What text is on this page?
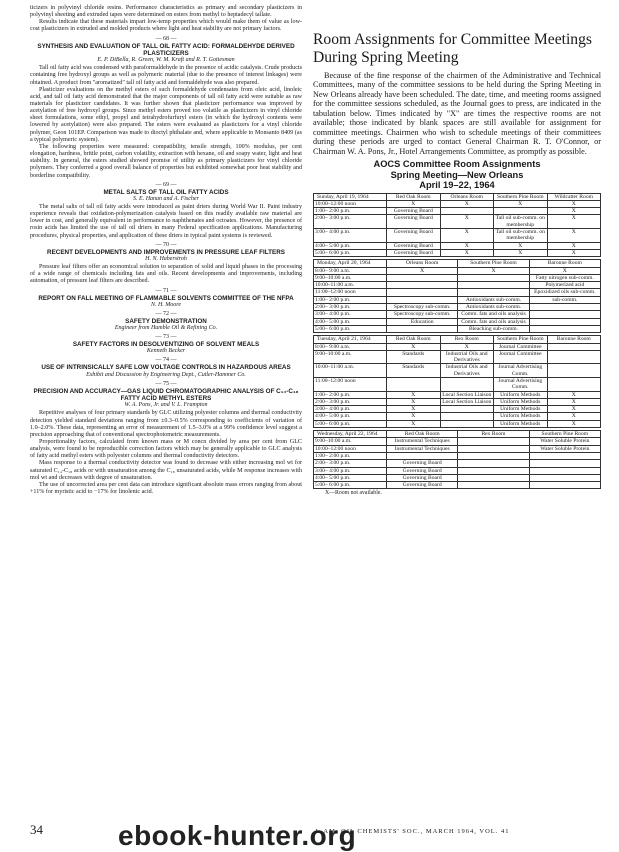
ticizers in polyvinyl chloride resins. Performance characteristics as primary and secondary plasticizers in polyvinyl sheeting and extruded tapes were determined on esters from methyl to heptadecyl tallate.

Results indicate that these materials impart low-temp properties which would make them of value as low-cost plasticizers in extruded and molded products where light and heat stability are not primary factors.

— 68 —
SYNTHESIS AND EVALUATION OF TALL OIL FATTY ACID: FORMALDEHYDE DERIVED PLASTICIZERS
E. P. DiBella, R. Green, W. M. Kraft and R. T. Gottesman

Tall oil fatty acid was condensed with paraformaldehyde in the presence of acidic catalysts. Crude products containing free hydroxyl groups as well as polymeric material (due to the presence of interest linkages) were obtained. A product from "aromatized" tall oil fatty acid and formaldehyde was also prepared.

Plasticizer evaluations on the methyl esters of such formaldehyde condensates from oleic acid, linoleic acid, and tall oil fatty acid demonstrated that the major components of tall oil fatty acid were suitable as raw materials for plasticizer candidates. It was further shown that plasticizer performance was improved by acetylation of free hydroxyl groups. Since methyl esters proved too volatile as plasticizers in vinyl chloride sheet formulations, some ethyl, propyl and tetrahydrofurfuryl esters (in which the hydroxyl contents were lowered by acetylation) were also prepared. The esters were evaluated as plasticizers for a vinyl chloride polymer, Geon 101EP. Comparison was made to dioctyl phthalate and, where applicable to Monsanto 8409 (as a typical polymeric system).

The following properties were measured: compatibility, tensile strength, 100% modulus, per cent elongation, hardness, brittle point, carbon volatility, extraction with hexane, oil and soapy water, light and heat stability. In general, the esters studied showed promise of utility as primary plasticizers for vinyl chloride polymers. They conferred a good overall balance of properties but exhibited somewhat poor heat stability and borderline compatibility.

— 69 —
METAL SALTS OF TALL OIL FATTY ACIDS
S. E. Hanan and A. Fischer

The metal salts of tall oil fatty acids were introduced as paint driers during World War II. Paint industry experience reveals that oxidation-polymerization catalysts based on this readily available raw material are lower in cost, and generally equivalent in performance to naphthenates and octoates. However, the presence of rosin acids has limited the use of tall oil driers in many Federal specification applications. Manufacturing procedures, physical properties, and application of these driers in typical paint systems is reviewed.

— 70 —
RECENT DEVELOPMENTS AND IMPROVEMENTS IN PRESSURE LEAF FILTERS
H. N. Haberstroh

Pressure leaf filters offer an economical solution to separation of solid and liquid phases in the processing of a wide range of chemicals including fats and oils. Recent developments and improvements, including automation, of pressure leaf filters are described.

— 71 —
REPORT ON FALL MEETING OF FLAMMABLE SOLVENTS COMMITTEE OF THE NFPA
N. H. Moore
— 72 —
SAFETY DEMONSTRATION
Engineer from Humble Oil & Refining Co.
— 73 —
SAFETY FACTORS IN DESOLVENTIZING OF SOLVENT MEALS
Kenneth Becker
— 74 —
USE OF INTRINSICALLY SAFE LOW VOLTAGE CONTROLS IN HAZARDOUS AREAS
Exhibit and Discussion by Engineering Dept., Cutler-Hammer Co.
— 75 —
PRECISION AND ACCURACY—GAS LIQUID CHROMATOGRAPHIC ANALYSIS OF C₁₄-C₁₈ FATTY ACID METHYL ESTERS
W. A. Pons, Jr. and V. L. Frampton

Repetitive analyses of four primary standards by GLC utilizing polyester columns and thermal conductivity detection yielded standard deviations ranging from ±0.3–0.5% corresponding to coefficients of variation of 1.0–2.0%. These data, representing an error of measurement of 1.5–3.0% at a 99% confidence level suggest a precision approaching that of conventional spectrophotometric measurements.

Proportionality factors, calculated from known mass or M concn divided by area per cent from GLC analysis, were found to be reproducible correction factors which may be generally applicable to GLC analysis of fatty acid methyl esters with polyester columns and thermal conductivity detectors.

Mass response to a thermal conductivity detector was found to decrease with either increasing mol wt for saturated C₁₄-C₁₈ acids or with unsaturation among the C₁₈ unsaturated acids, while M response increases with mol wt and decreases with degree of unsaturation.

The use of uncorrected area per cent data can introduce significant absolute mass errors ranging from about +11% for myristic acid to −17% for linolenic acid.

Room Assignments for Committee Meetings During Spring Meeting

Because of the fine response of the chairmen of the Administrative and Technical Committees, many of the committee sessions to be held during the Spring Meeting in New Orleans already have been scheduled. The date, time, and meeting rooms assigned for the committee sessions scheduled, as the Journal goes to press, are indicated in the tabulation below. Times indicated by "X" are times the respective rooms are not available; those indicated by blank spaces are still available for assignment for committee meetings. Chairmen who wish to schedule meetings of their committees during these periods are urged to contact General Chairman R. T. O'Connor, or Chairman W. A. Pons, Jr., Hotel Arrangements Committee, as promptly as possible.

AOCS Committee Room Assignments
Spring Meeting—New Orleans
April 19–22, 1964
Sunday, April 19, 1964	Red Oak Room	Orleans Room	Southern Pine Room	Wildcatter Room
10:00–12:00 noon	X	X	X	X
1:00– 2:00 p.m.	Governing Board			X
2:00– 3:00 p.m.	Governing Board	X	Tall oil sub-comm. on membership	X
3:00– 4:00 p.m.	Governing Board	X	Tall oil sub-comm. on membership	X
4:00– 5:00 p.m.	Governing Board	X	X	X
5:00– 6:00 p.m.	Governing Board	X	X	X
Monday, April 20, 1964	Orleans Room	Southern Pine Room	Baronne Room
8:00– 9:00 a.m.	X	X	X
9:00–10:00 a.m.			Fatty nitrogen sub-comm.
10:00–11:00 a.m.			Polymerized acid
11:00–12:00 noon			Epoxidized oils sub-comm.
1:00– 2:00 p.m.		Antioxidants sub-comm.	sub-comm.
2:00– 3:00 p.m.	Spectroscopy sub-comm.	Antioxidants sub-comm.	
3:00– 4:00 p.m.	Spectroscopy sub-comm.	Comm. fats and oils analysis	
4:00– 5:00 p.m.	Education	Comm. fats and oils analysis	
5:00– 6:00 p.m.		Bleaching sub-comm.	
Tuesday, April 21, 1964	Red Oak Room	Rex Room	Southern Pine Room	Baronne Room
8:00– 9:00 a.m.	X	X	Journal Committee	
9:00–10:00 a.m.	Standards	Industrial Oils and Derivatives	Journal Committee	
10:00–11:00 a.m.	Standards	Industrial Oils and Derivatives	Journal Advertising Comm.	
11:00–12:00 noon			Journal Advertising Comm.	
1:00– 2:00 p.m.	X	Local Section Liaison	Uniform Methods	X
2:00– 3:00 p.m.	X	Local Section Liaison	Uniform Methods	X
3:00– 4:00 p.m.	X		Uniform Methods	X
4:00– 5:00 p.m.	X		Uniform Methods	X
5:00– 6:00 p.m.	X		Uniform Methods	X
Wednesday, April 22, 1964	Red Oak Room	Rex Room	Southern Pine Room
9:00–10:00 a.m.	Instrumental Techniques		Water Soluble Protein
10:00–12:00 noon	Instrumental Techniques		Water Soluble Protein
1:00– 2:00 p.m.			
2:00– 3:00 p.m.	Governing Board		
3:00– 4:00 p.m.	Governing Board		
4:00– 5:00 p.m.	Governing Board		
5:00– 6:00 p.m.	Governing Board		
X—Room not available.
34	J. AM. OIL CHEMISTS' SOC., MARCH 1964, VOL. 41
ebook-hunter.org
